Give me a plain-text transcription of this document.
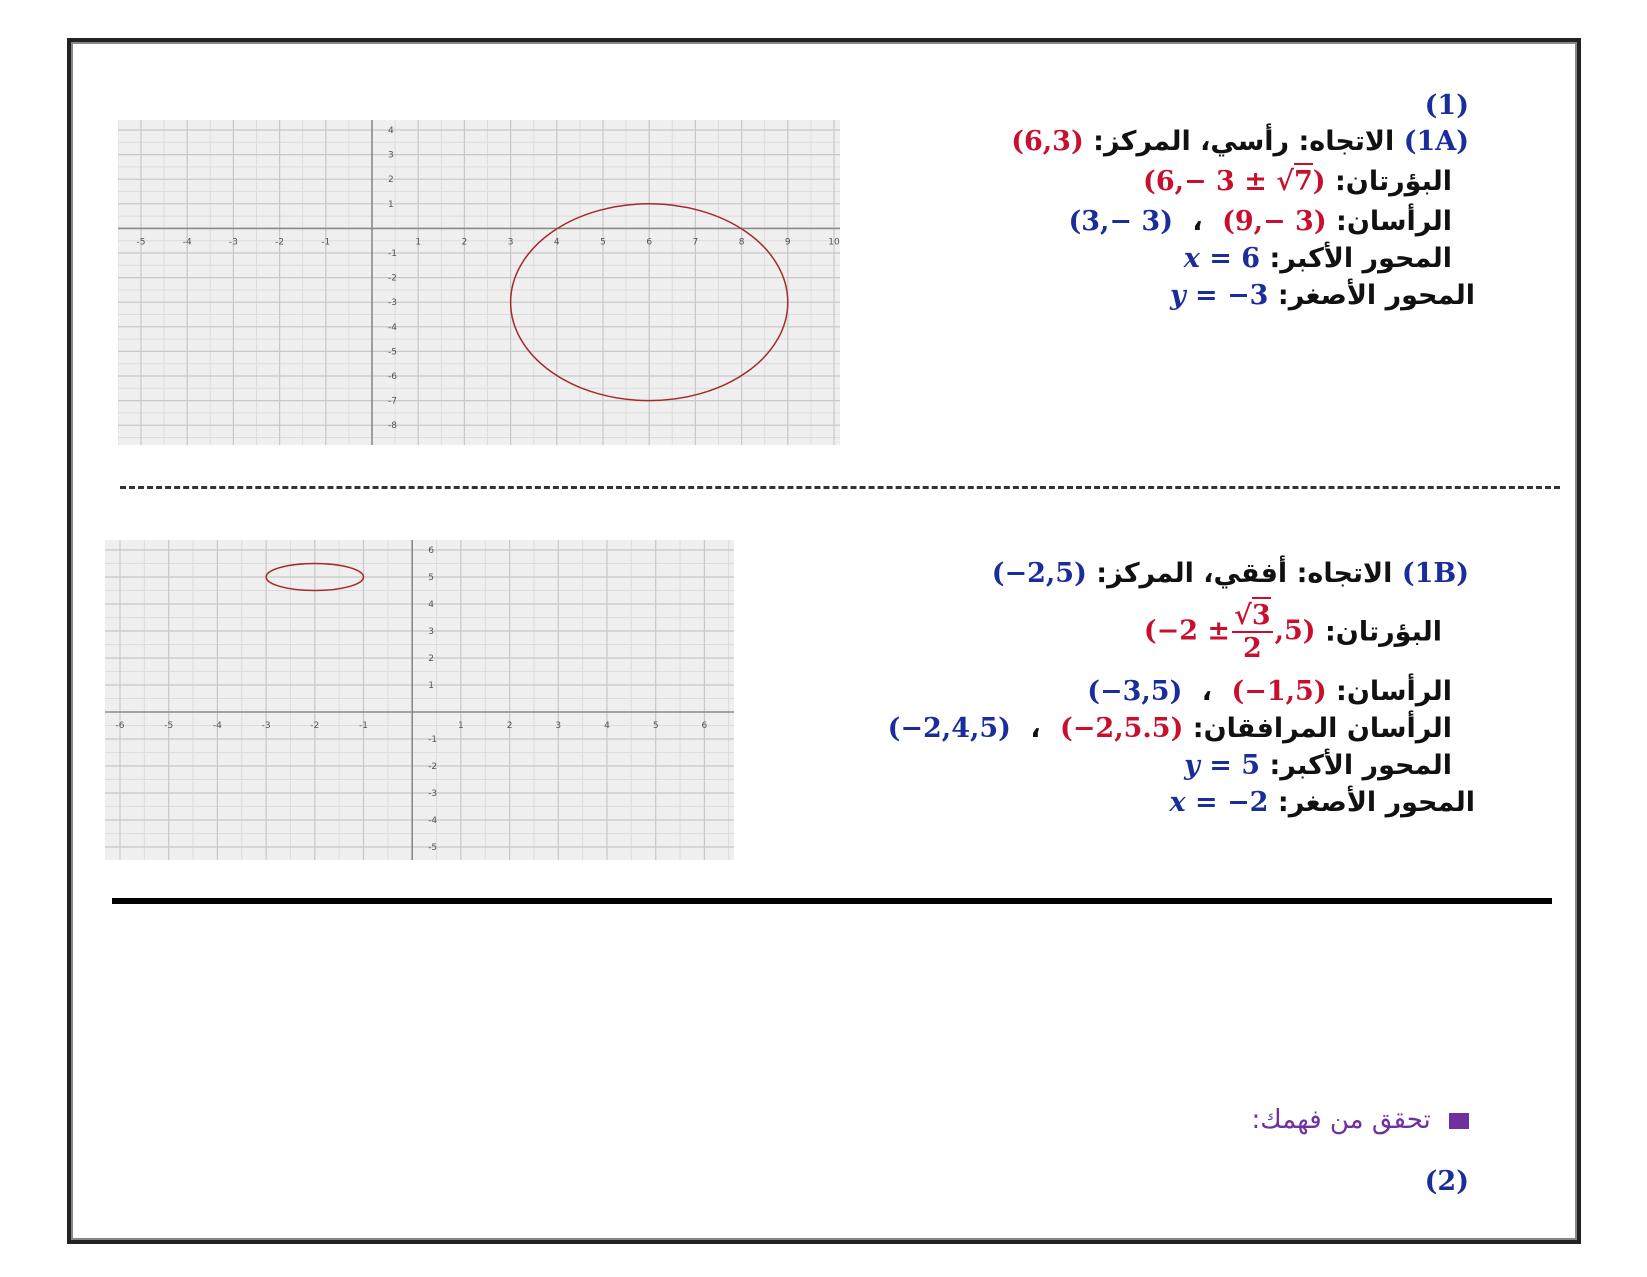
-5	-4	-3	-2	-1	1	2	3	4	5	6	7	8	9	10
4
3
2
1
-1
-2
-3
-4
-5
-6
-7
-8
-6	-5	-4	-3	-2	-1	1	2	3	4	5	6
6
5
4
3
2
1
-1
-2
-3
-4
-5
(1)
(1A) الاتجاه: رأسي، المركز: (6,3)
البؤرتان: (6,− 3 ± √7)
الرأسان: (9,− 3) ، (3,− 3)
المحور الأكبر: x = 6
المحور الأصغر: y = −3
(1B) الاتجاه: أفقي، المركز: (−2,5)
البؤرتان: $(-2 \pm \frac{√3}{2} ,5)$
الرأسان: (−1,5) ، (−3,5)
الرأسان المرافقان: (−2,5.5) ، (−2,4,5)
المحور الأكبر: y = 5
المحور الأصغر: x = −2
تحقق من فهمك:
(2)
